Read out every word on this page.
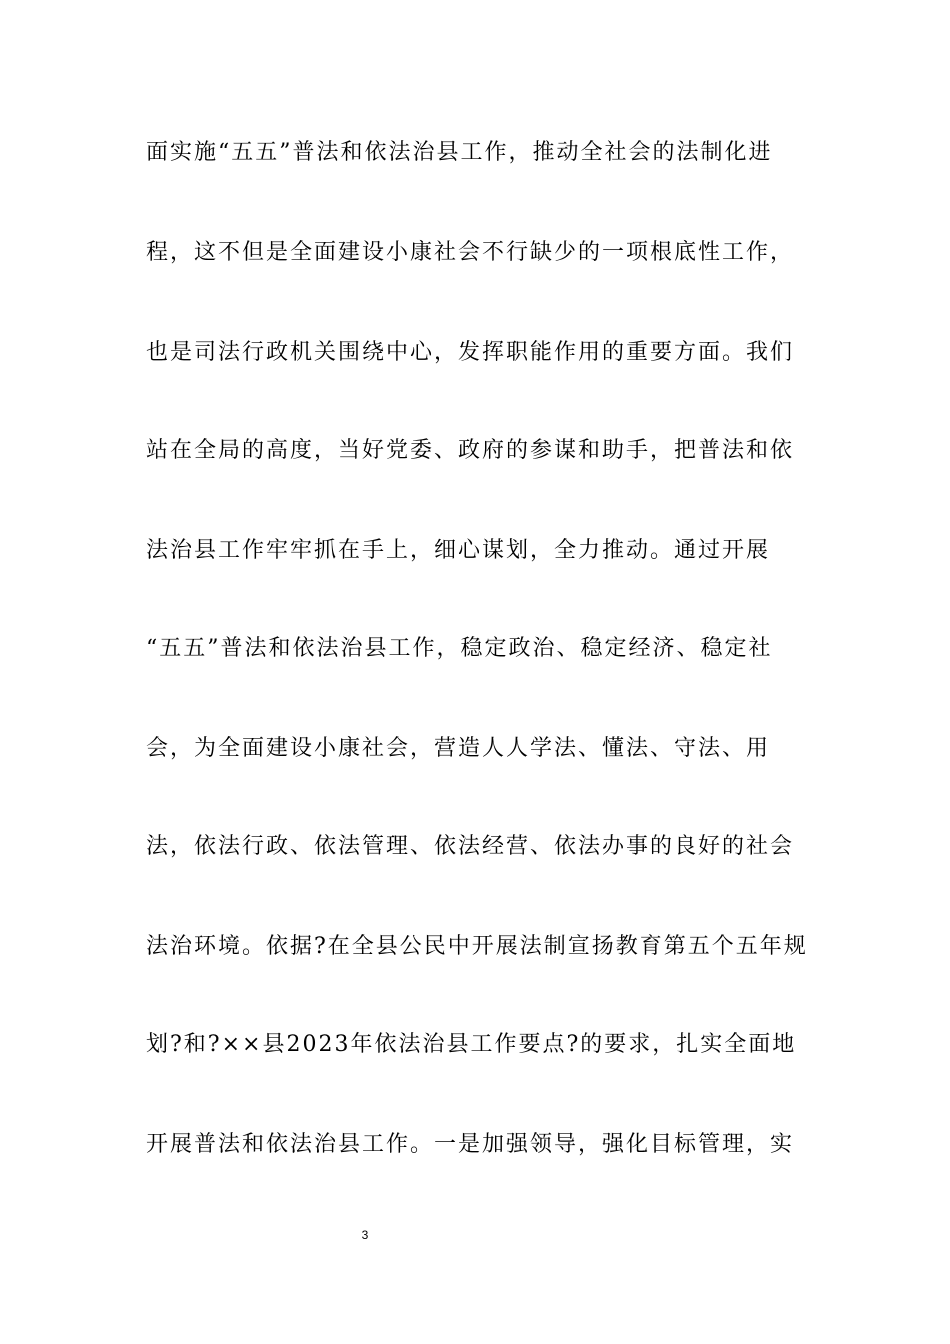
面实施“五五”普法和依法治县工作，推动全社会的法制化进
程，这不但是全面建设小康社会不行缺少的一项根底性工作，
也是司法行政机关围绕中心，发挥职能作用的重要方面。我们
站在全局的高度，当好党委、政府的参谋和助手，把普法和依
法治县工作牢牢抓在手上，细心谋划，全力推动。通过开展
“五五”普法和依法治县工作，稳定政治、稳定经济、稳定社
会，为全面建设小康社会，营造人人学法、懂法、守法、用
法，依法行政、依法管理、依法经营、依法办事的良好的社会
法治环境。依据?在全县公民中开展法制宣扬教育第五个五年规
划?和?××县2023年依法治县工作要点?的要求，扎实全面地
开展普法和依法治县工作。一是加强领导，强化目标管理，实
3
